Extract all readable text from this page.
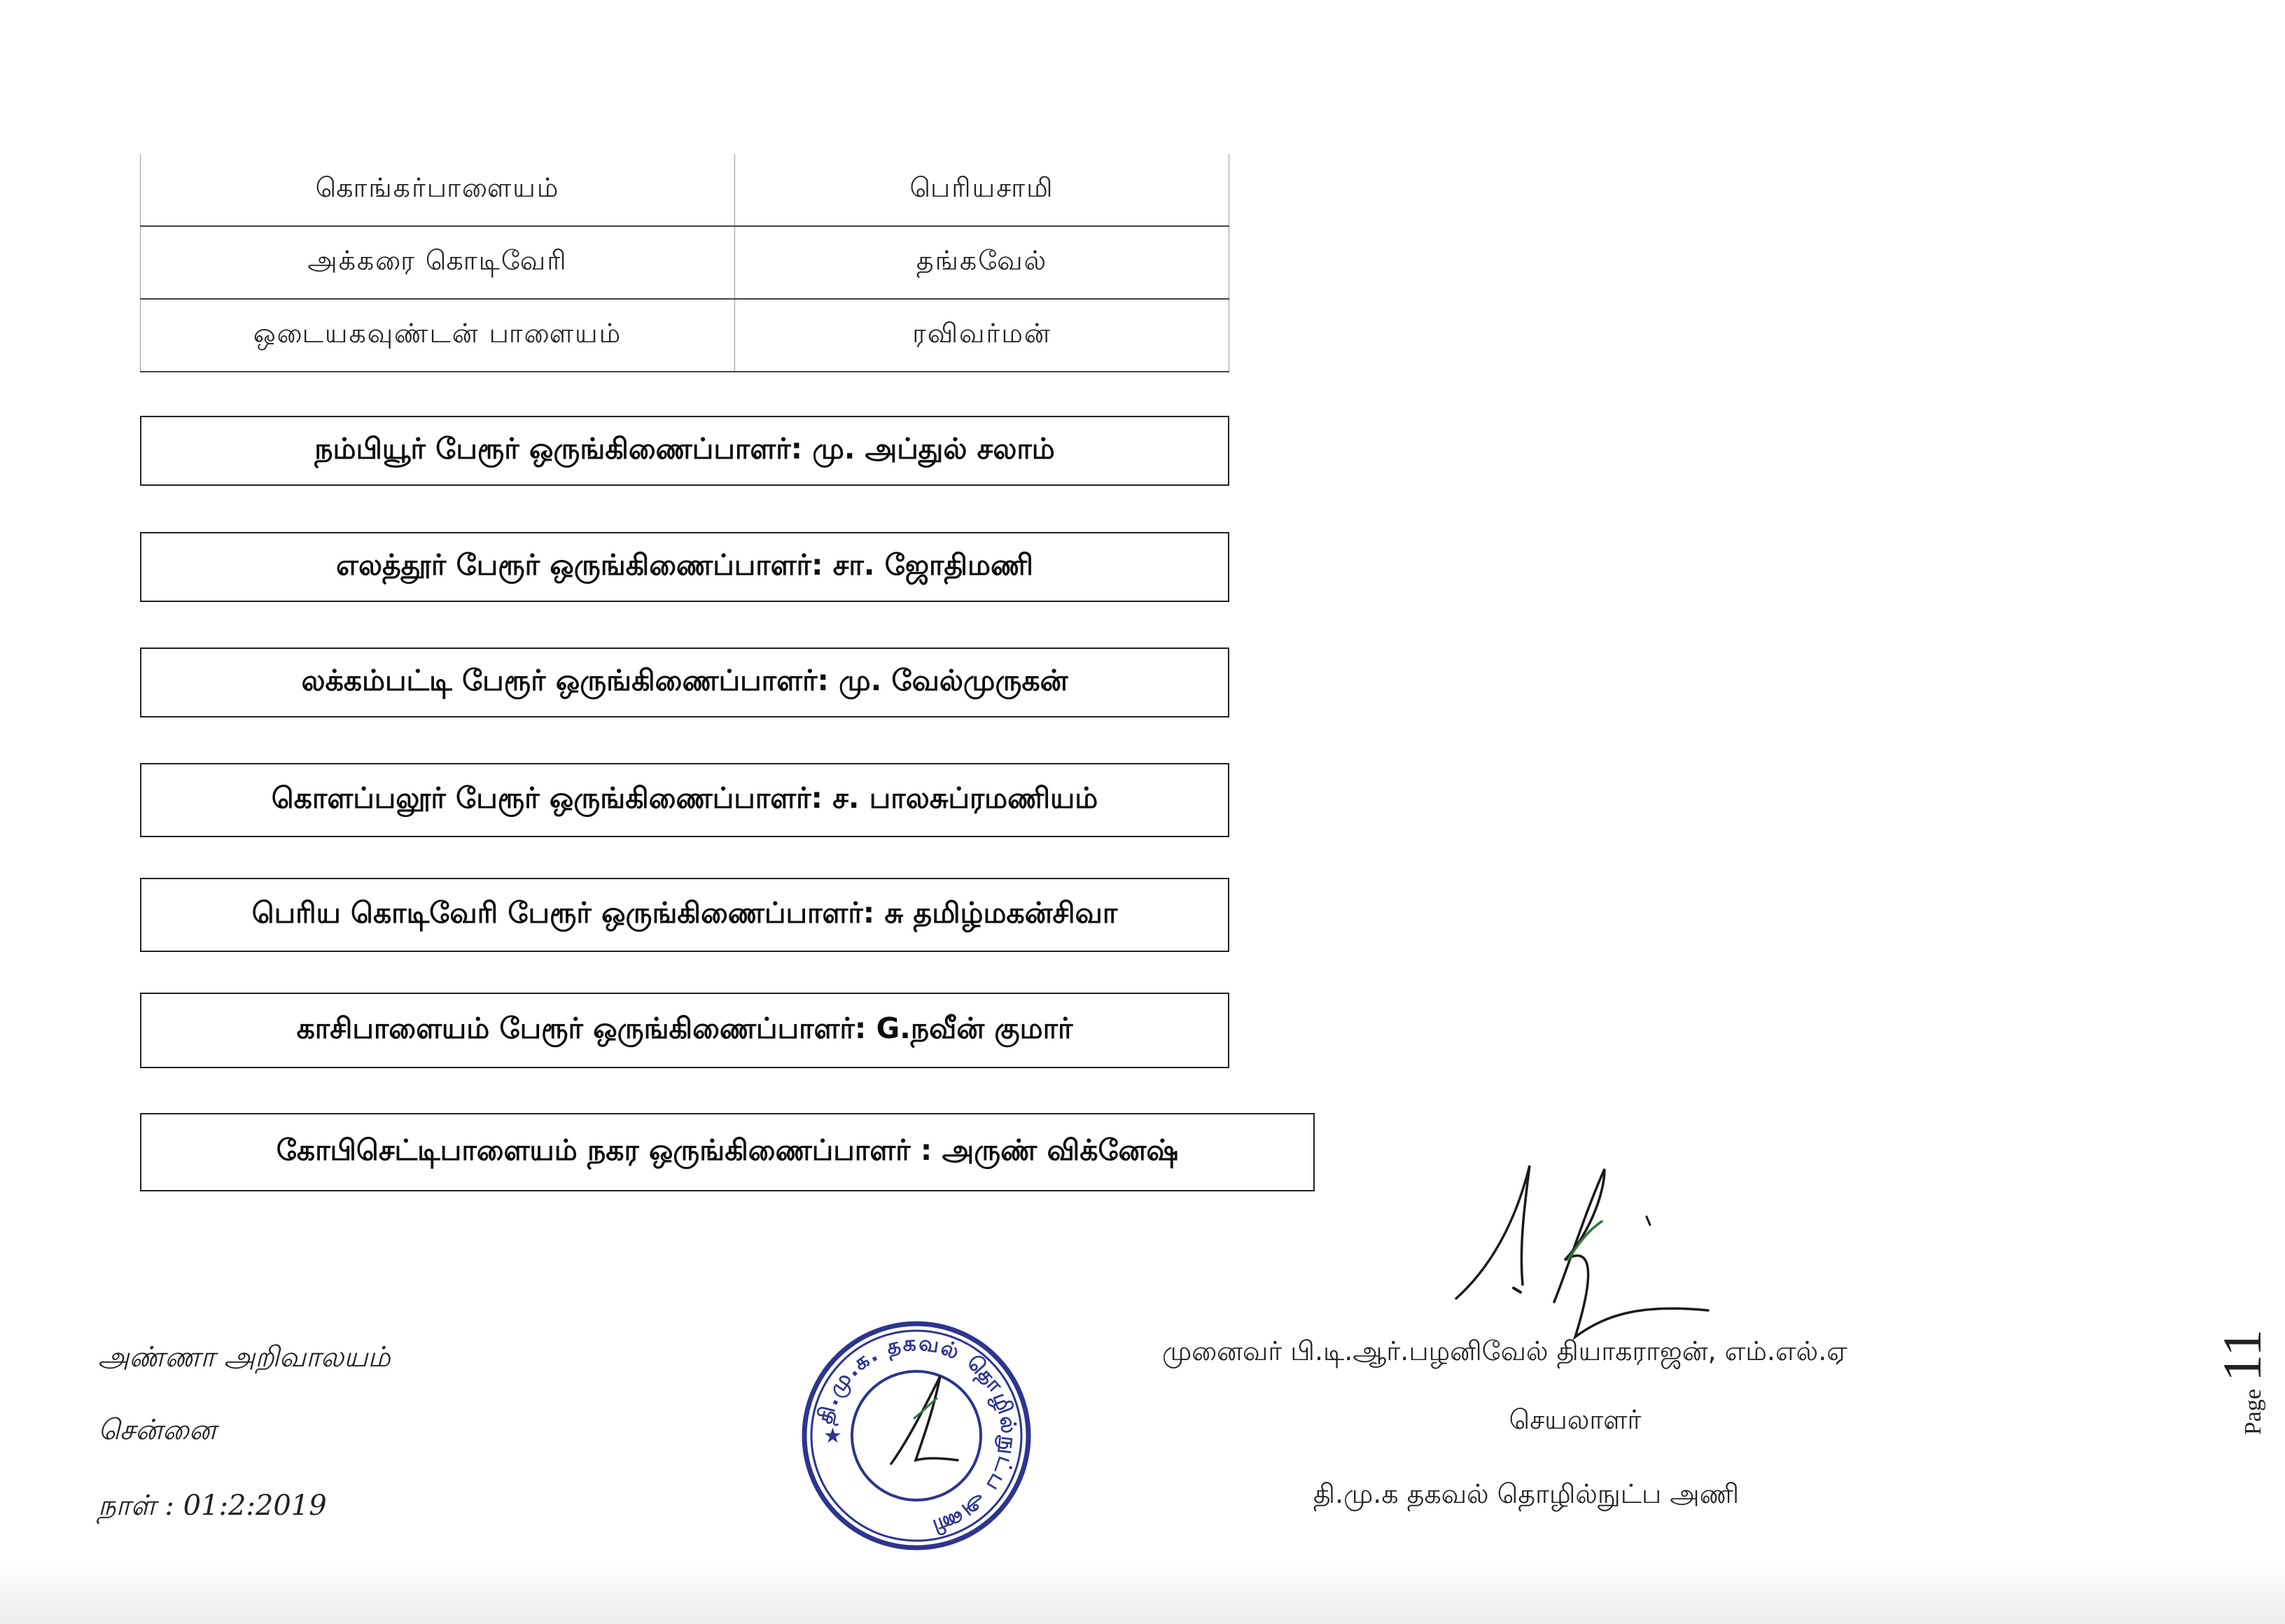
கொங்கர்பாளையம்	பெரியசாமி
அக்கரை கொடிவேரி	தங்கவேல்
ஒடையகவுண்டன் பாளையம்	ரவிவர்மன்
நம்பியூர் பேரூர் ஒருங்கிணைப்பாளர்: மு. அப்துல் சலாம்
எலத்தூர் பேரூர் ஒருங்கிணைப்பாளர்: சா. ஜோதிமணி
லக்கம்பட்டி பேரூர் ஒருங்கிணைப்பாளர்: மு. வேல்முருகன்
கொளப்பலூர் பேரூர் ஒருங்கிணைப்பாளர்: ச. பாலசுப்ரமணியம்
பெரிய கொடிவேரி பேரூர் ஒருங்கிணைப்பாளர்: சு தமிழ்மகன்சிவா
காசிபாளையம் பேரூர் ஒருங்கிணைப்பாளர்: G.நவீன் குமார்
கோபிசெட்டிபாளையம் நகர ஒருங்கிணைப்பாளர் : அருண் விக்னேஷ்
தி.மு.க. தகவல் தொழில்நுட்ப அணி
★
அண்ணா அறிவாலயம்
சென்னை
நாள் : 01:2:2019
முனைவர் பி.டி.ஆர்.பழனிவேல் தியாகராஜன், எம்.எல்.ஏ
செயலாளர்
தி.மு.க தகவல் தொழில்நுட்ப அணி
Page
11
